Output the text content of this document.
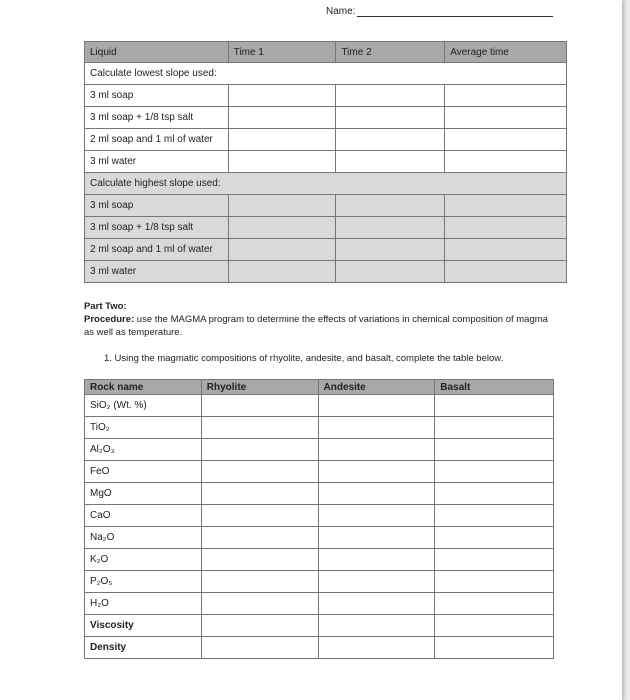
Name:
Liquid	Time 1	Time 2	Average time
Calculate lowest slope used:			
3 ml soap			
3 ml soap + 1/8 tsp salt			
2 ml soap and 1 ml of water			
3 ml water			
Calculate highest slope used:			
3 ml soap			
3 ml soap + 1/8 tsp salt			
2 ml soap and 1 ml of water			
3 ml water			
Part Two:
Procedure: use the MAGMA program to determine the effects of variations in chemical composition of magma as well as temperature.
1. Using the magmatic compositions of rhyolite, andesite, and basalt, complete the table below.
Rock name	Rhyolite	Andesite	Basalt
SiO₂ (Wt. %)			
TiO₂			
Al₂O₃			
FeO			
MgO			
CaO			
Na₂O			
K₂O			
P₂O₅			
H₂O			
Viscosity			
Density			
